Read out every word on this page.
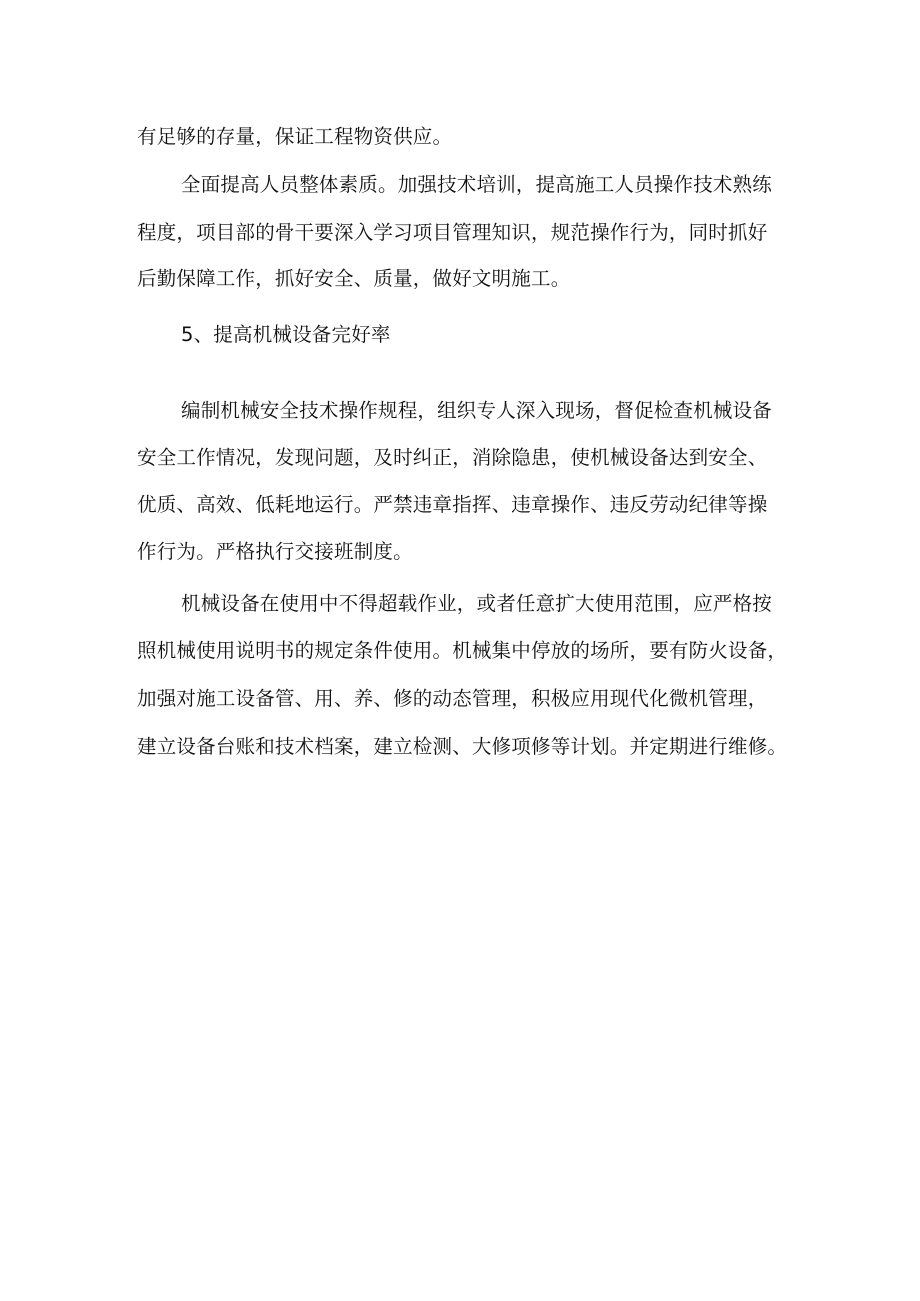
有足够的存量，保证工程物资供应。
全面提高人员整体素质。加强技术培训，提高施工人员操作技术熟练
程度，项目部的骨干要深入学习项目管理知识，规范操作行为，同时抓好
后勤保障工作，抓好安全、质量，做好文明施工。
5、提高机械设备完好率
编制机械安全技术操作规程，组织专人深入现场，督促检查机械设备
安全工作情况，发现问题，及时纠正，消除隐患，使机械设备达到安全、
优质、高效、低耗地运行。严禁违章指挥、违章操作、违反劳动纪律等操
作行为。严格执行交接班制度。
机械设备在使用中不得超载作业，或者任意扩大使用范围，应严格按
照机械使用说明书的规定条件使用。机械集中停放的场所，要有防火设备，
加强对施工设备管、用、养、修的动态管理，积极应用现代化微机管理，
建立设备台账和技术档案，建立检测、大修项修等计划。并定期进行维修。
